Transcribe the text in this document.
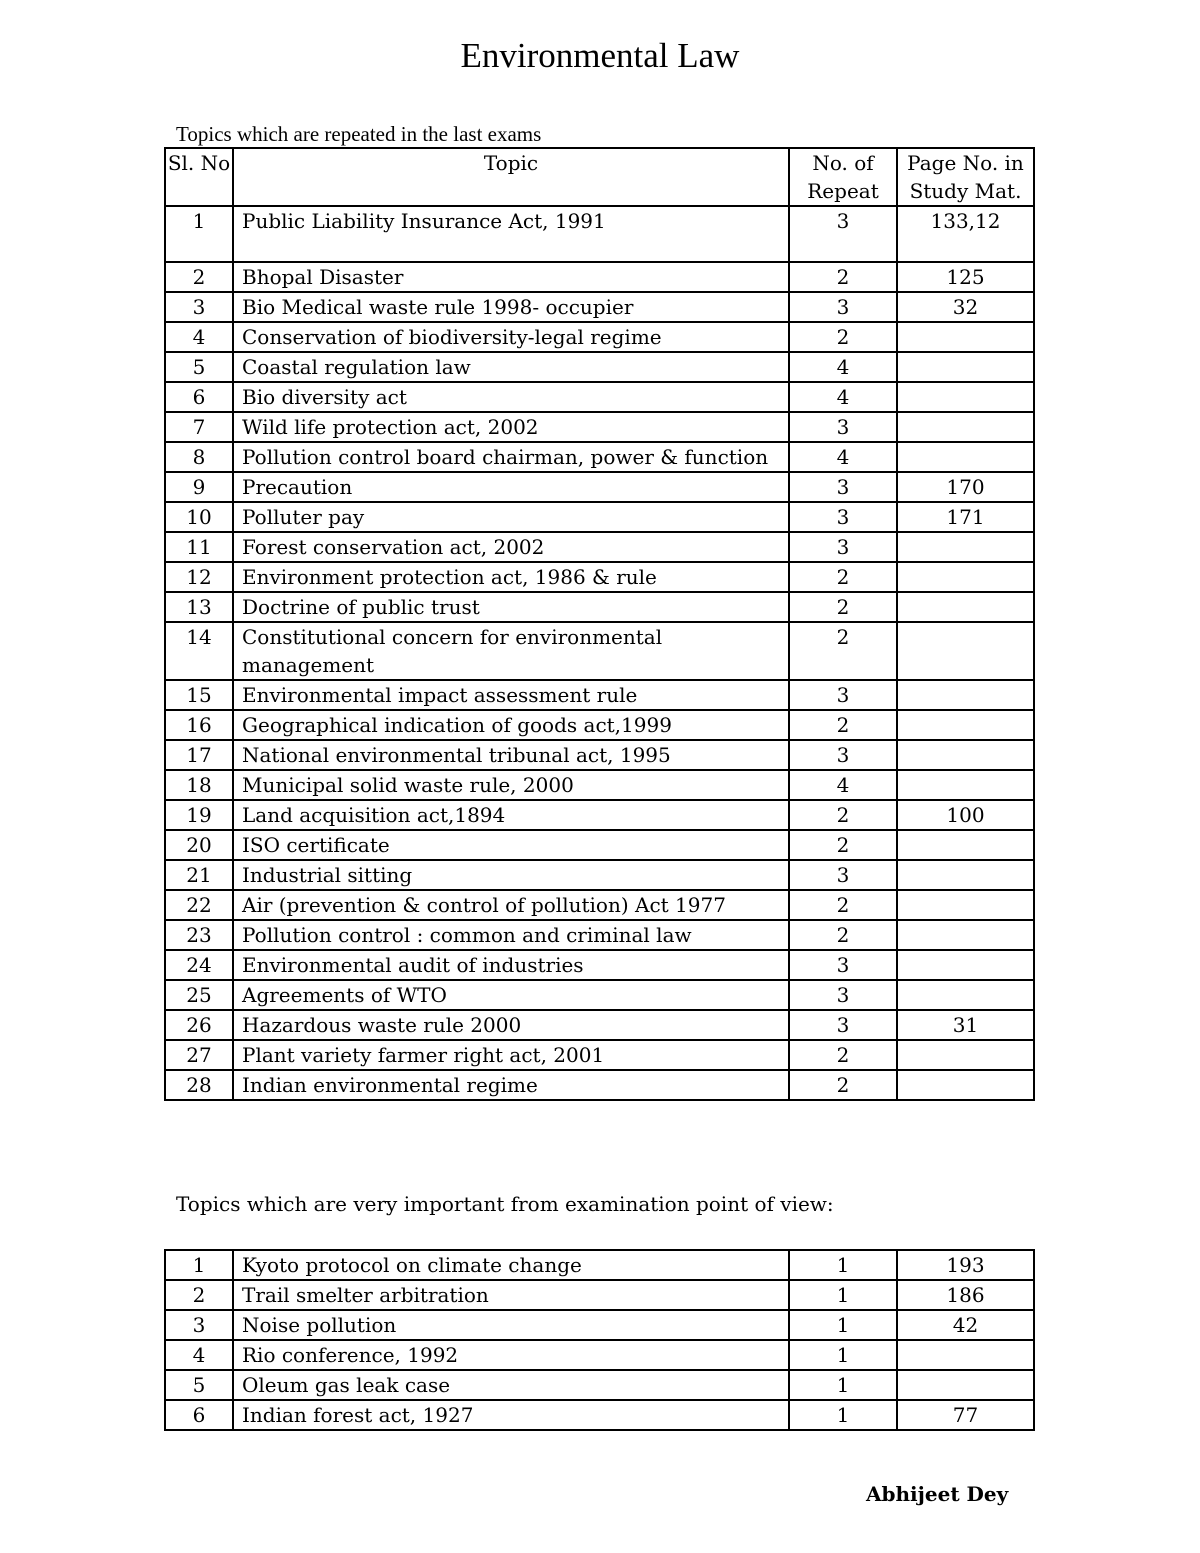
Environmental Law
Topics which are repeated in the last exams
Sl. No	Topic	No. of Repeat	Page No. in Study Mat.
1	Public Liability Insurance Act, 1991	3	133,12
2	Bhopal Disaster	2	125
3	Bio Medical waste rule 1998- occupier	3	32
4	Conservation of biodiversity-legal regime	2	
5	Coastal regulation law	4	
6	Bio diversity act	4	
7	Wild life protection act, 2002	3	
8	Pollution control board chairman, power & function	4	
9	Precaution	3	170
10	Polluter pay	3	171
11	Forest conservation act, 2002	3	
12	Environment protection act, 1986 & rule	2	
13	Doctrine of public trust	2	
14	Constitutional concern for environmental management	2	
15	Environmental impact assessment rule	3	
16	Geographical indication of goods act,1999	2	
17	National environmental tribunal act, 1995	3	
18	Municipal solid waste rule, 2000	4	
19	Land acquisition act,1894	2	100
20	ISO certificate	2	
21	Industrial sitting	3	
22	Air (prevention & control of pollution) Act 1977	2	
23	Pollution control : common and criminal law	2	
24	Environmental audit of industries	3	
25	Agreements of WTO	3	
26	Hazardous waste rule 2000	3	31
27	Plant variety farmer right act, 2001	2	
28	Indian environmental regime	2	
Topics which are very important from examination point of view:
1	Kyoto protocol on climate change	1	193
2	Trail smelter arbitration	1	186
3	Noise pollution	1	42
4	Rio conference, 1992	1	
5	Oleum gas leak case	1	
6	Indian forest act, 1927	1	77
Abhijeet Dey
